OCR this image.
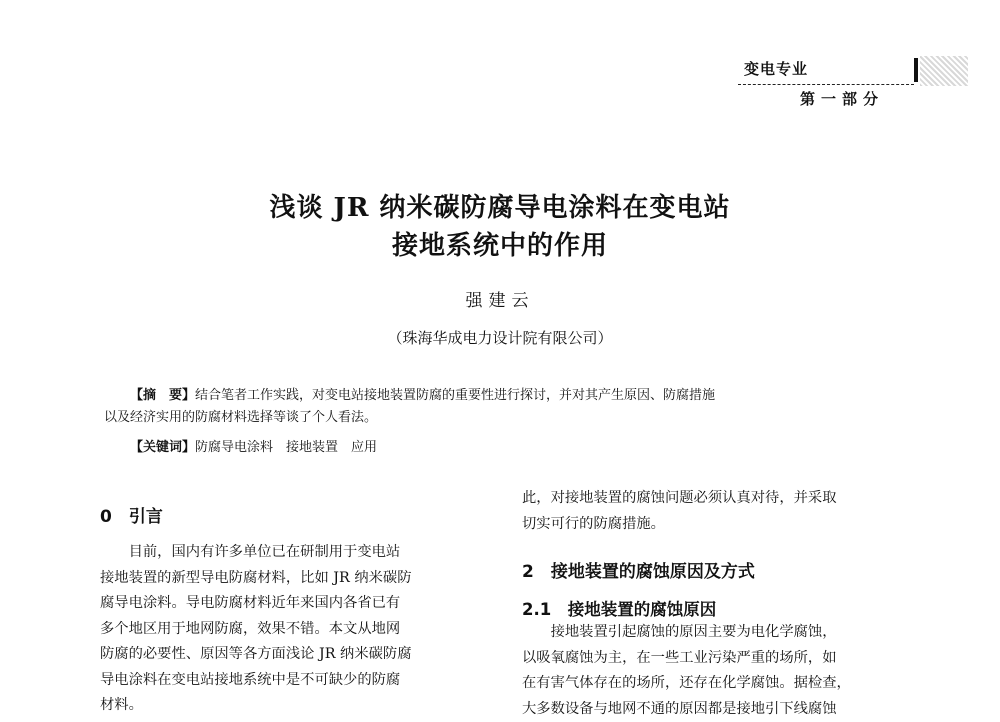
变电专业
第一部分
浅谈 JR 纳米碳防腐导电涂料在变电站
接地系统中的作用
强建云
（珠海华成电力设计院有限公司）
【摘　要】结合笔者工作实践，对变电站接地装置防腐的重要性进行探讨，并对其产生原因、防腐措施
以及经济实用的防腐材料选择等谈了个人看法。
【关键词】防腐导电涂料　接地装置　应用
0　引言

目前，国内有许多单位已在研制用于变电站

接地装置的新型导电防腐材料，比如 JR 纳米碳防

腐导电涂料。导电防腐材料近年来国内各省已有

多个地区用于地网防腐，效果不错。本文从地网

防腐的必要性、原因等各方面浅论 JR 纳米碳防腐

导电涂料在变电站接地系统中是不可缺少的防腐

材料。

此，对接地装置的腐蚀问题必须认真对待，并采取

切实可行的防腐措施。

2　接地装置的腐蚀原因及方式
2.1　接地装置的腐蚀原因

接地装置引起腐蚀的原因主要为电化学腐蚀，

以吸氧腐蚀为主，在一些工业污染严重的场所，如

在有害气体存在的场所，还存在化学腐蚀。据检查，

大多数设备与地网不通的原因都是接地引下线腐蚀
